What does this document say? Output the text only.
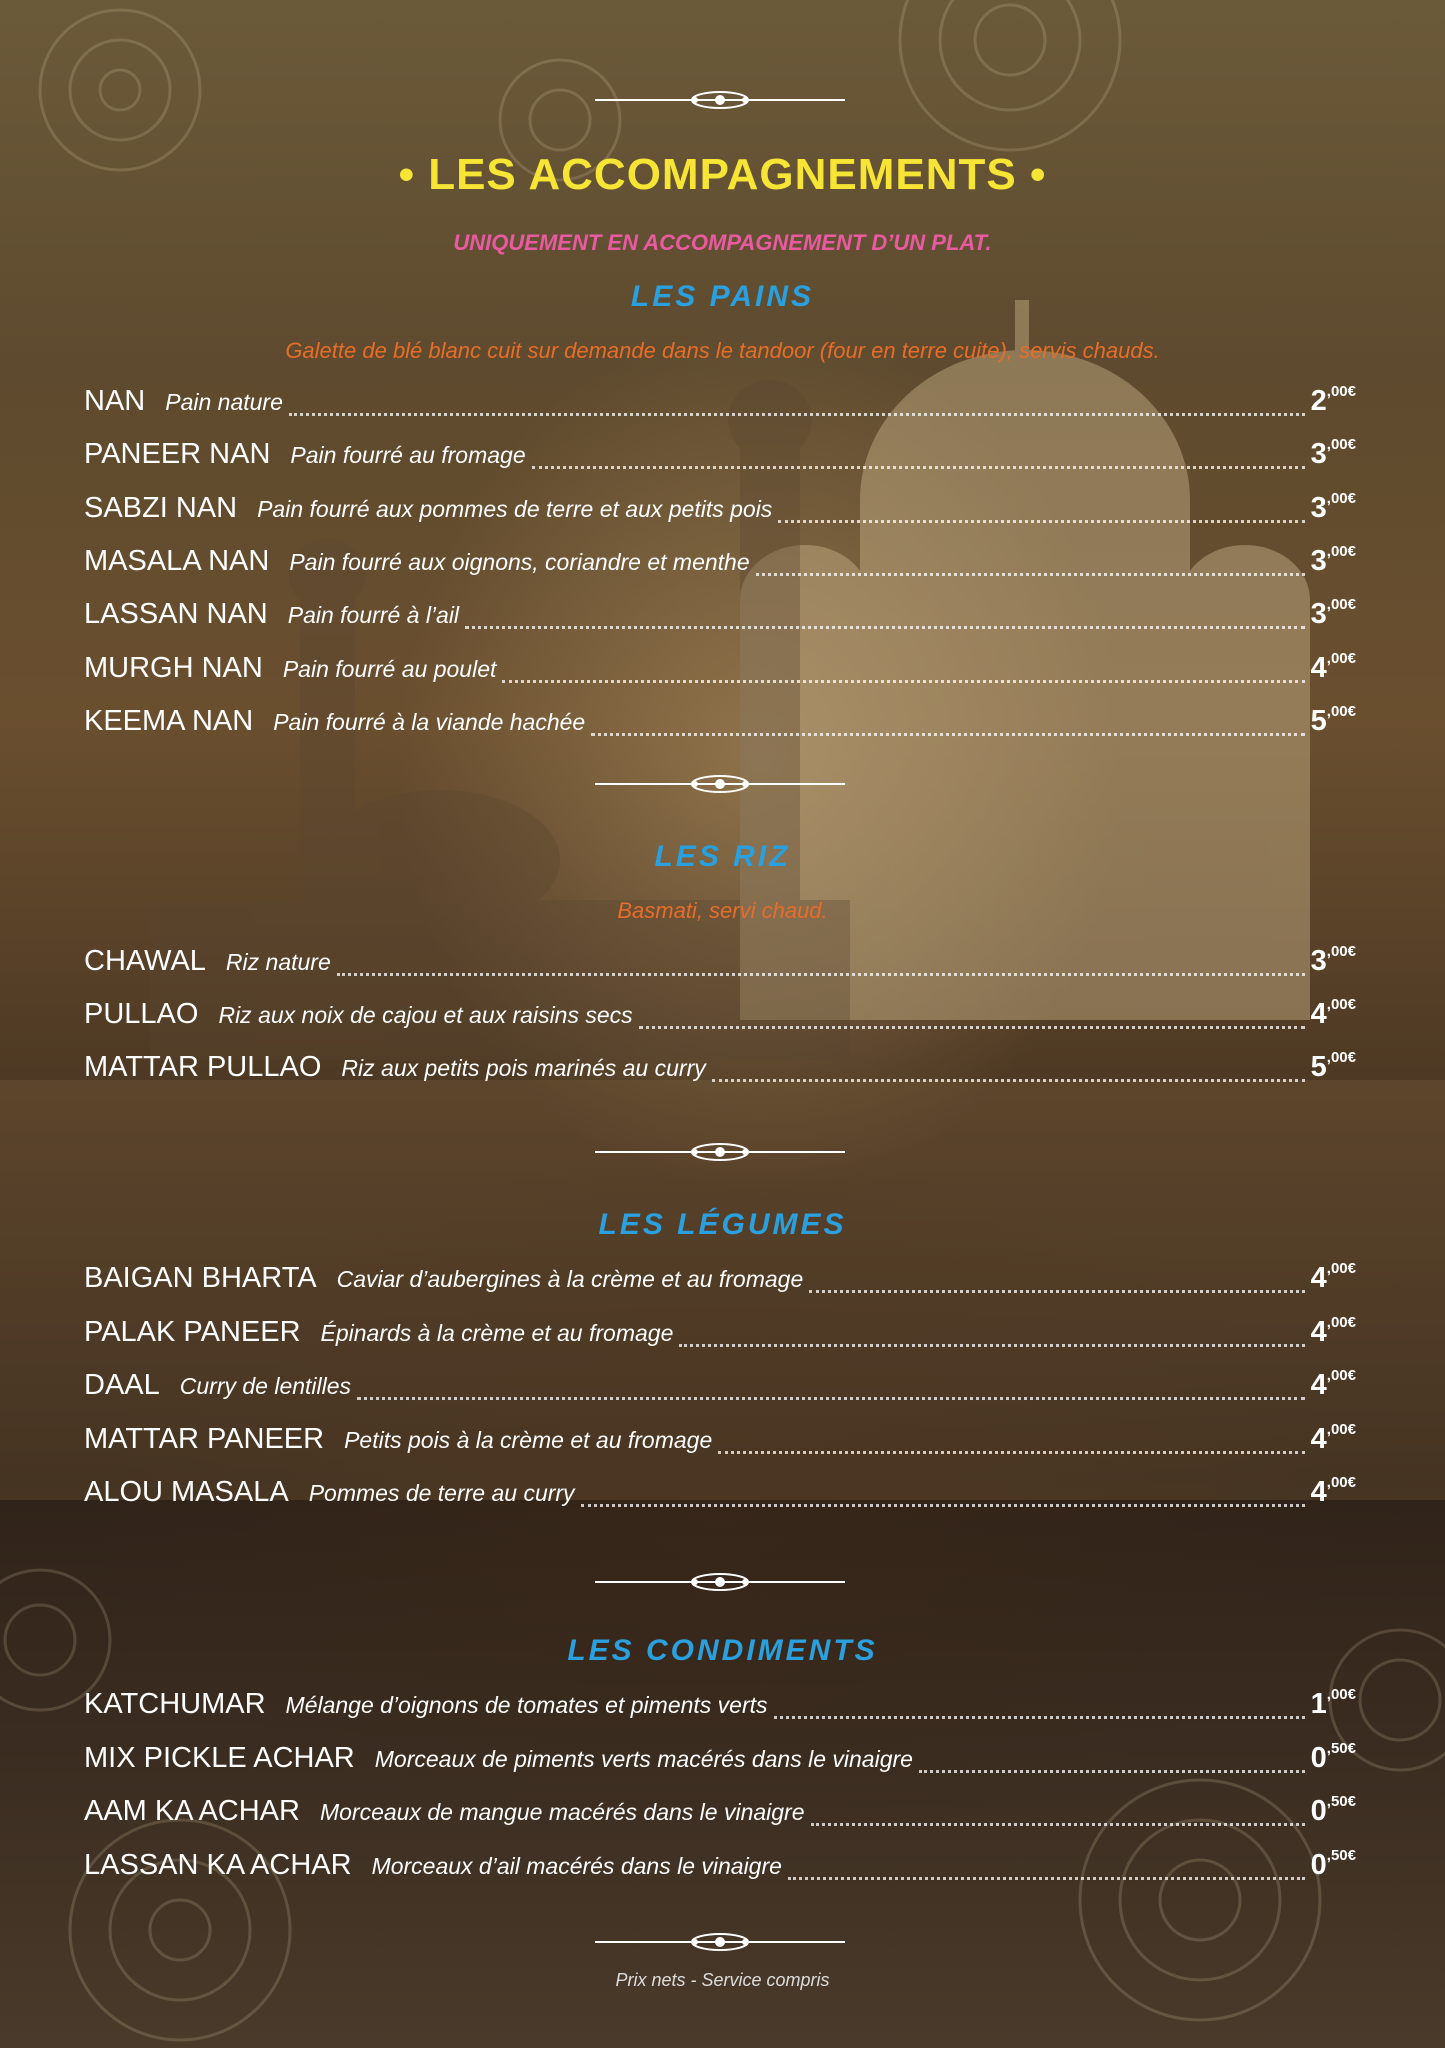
• LES ACCOMPAGNEMENTS •
UNIQUEMENT EN ACCOMPAGNEMENT D’UN PLAT.
LES PAINS
Galette de blé blanc cuit sur demande dans le tandoor (four en terre cuite), servis chauds.
NAN Pain nature	$2^{,00€}$
PANEER NAN Pain fourré au fromage	$3^{,00€}$
SABZI NAN Pain fourré aux pommes de terre et aux petits pois	$3^{,00€}$
MASALA NAN Pain fourré aux oignons, coriandre et menthe	$3^{,00€}$
LASSAN NAN Pain fourré à l’ail	$3^{,00€}$
MURGH NAN Pain fourré au poulet	$4^{,00€}$
KEEMA NAN Pain fourré à la viande hachée	$5^{,00€}$
LES RIZ
Basmati, servi chaud.
CHAWAL Riz nature	$3^{,00€}$
PULLAO Riz aux noix de cajou et aux raisins secs	$4^{,00€}$
MATTAR PULLAO Riz aux petits pois marinés au curry	$5^{,00€}$
LES LÉGUMES
BAIGAN BHARTA Caviar d’aubergines à la crème et au fromage	$4^{,00€}$
PALAK PANEER Épinards à la crème et au fromage	$4^{,00€}$
DAAL Curry de lentilles	$4^{,00€}$
MATTAR PANEER Petits pois à la crème et au fromage	$4^{,00€}$
ALOU MASALA Pommes de terre au curry	$4^{,00€}$
LES CONDIMENTS
KATCHUMAR Mélange d’oignons de tomates et piments verts	$1^{,00€}$
MIX PICKLE ACHAR Morceaux de piments verts macérés dans le vinaigre	$0^{,50€}$
AAM KA ACHAR Morceaux de mangue macérés dans le vinaigre	$0^{,50€}$
LASSAN KA ACHAR Morceaux d’ail macérés dans le vinaigre	$0^{,50€}$
Prix nets - Service compris
